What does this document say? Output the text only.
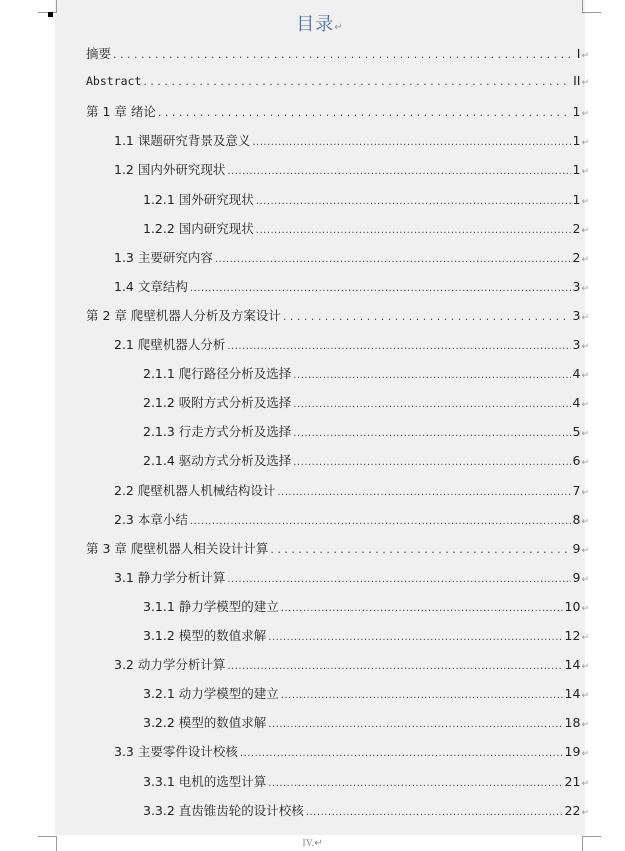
目录↵
摘要 . . .	I ↵
Abstract . . .	II ↵
第 1 章 绪论 . . .	1 ↵
1.1 课题研究背景及意义 .....	1 ↵
1.2 国内外研究现状 .....	1 ↵
1.2.1 国外研究现状 .....	1 ↵
1.2.2 国内研究现状 .....	2 ↵
1.3 主要研究内容 .....	2 ↵
1.4 文章结构 .....	3 ↵
第 2 章 爬壁机器人分析及方案设计 . . .	3 ↵
2.1 爬壁机器人分析 .....	3 ↵
2.1.1 爬行路径分析及选择 .....	4 ↵
2.1.2 吸附方式分析及选择 .....	4 ↵
2.1.3 行走方式分析及选择 .....	5 ↵
2.1.4 驱动方式分析及选择 .....	6 ↵
2.2 爬壁机器人机械结构设计 .....	7 ↵
2.3 本章小结 .....	8 ↵
第 3 章 爬壁机器人相关设计计算 . . .	9 ↵
3.1 静力学分析计算 .....	9 ↵
3.1.1 静力学模型的建立 .....	10 ↵
3.1.2 模型的数值求解 .....	12 ↵
3.2 动力学分析计算 .....	14 ↵
3.2.1 动力学模型的建立 .....	14 ↵
3.2.2 模型的数值求解 .....	18 ↵
3.3 主要零件设计校核 .....	19 ↵
3.3.1 电机的选型计算 .....	21 ↵
3.3.2 直齿锥齿轮的设计校核 .....	22 ↵
IV.↵
